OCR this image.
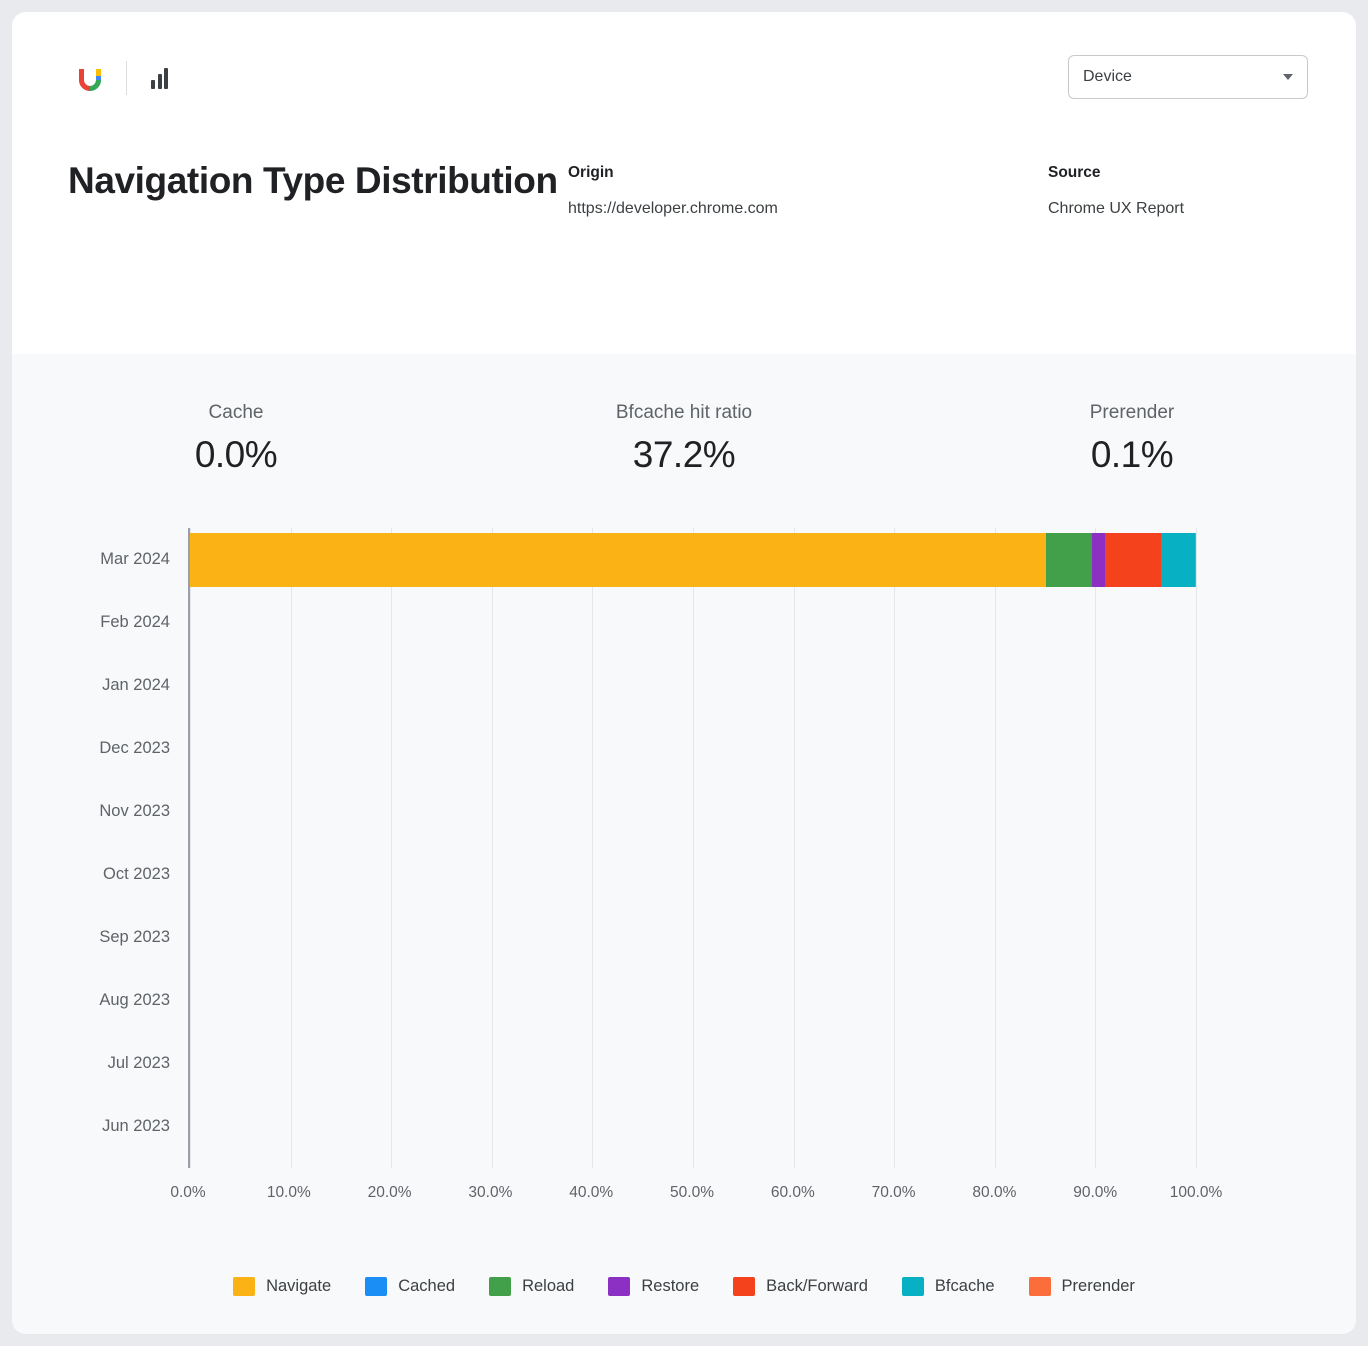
Device
Navigation Type Distribution Origin
https://developer.chrome.com
Source
Chrome UX Report
Cache
0.0%
Bfcache hit ratio
37.2%
Prerender
0.1%
Mar 2024
Feb 2024
Jan 2024
Dec 2023
Nov 2023
Oct 2023
Sep 2023
Aug 2023
Jul 2023
Jun 2023
0.0%	10.0%	20.0%	30.0%	40.0%	50.0%	60.0%	70.0%	80.0%	90.0%	100.0%
Navigate	Cached	Reload	Restore	Back/Forward	Bfcache	Prerender
